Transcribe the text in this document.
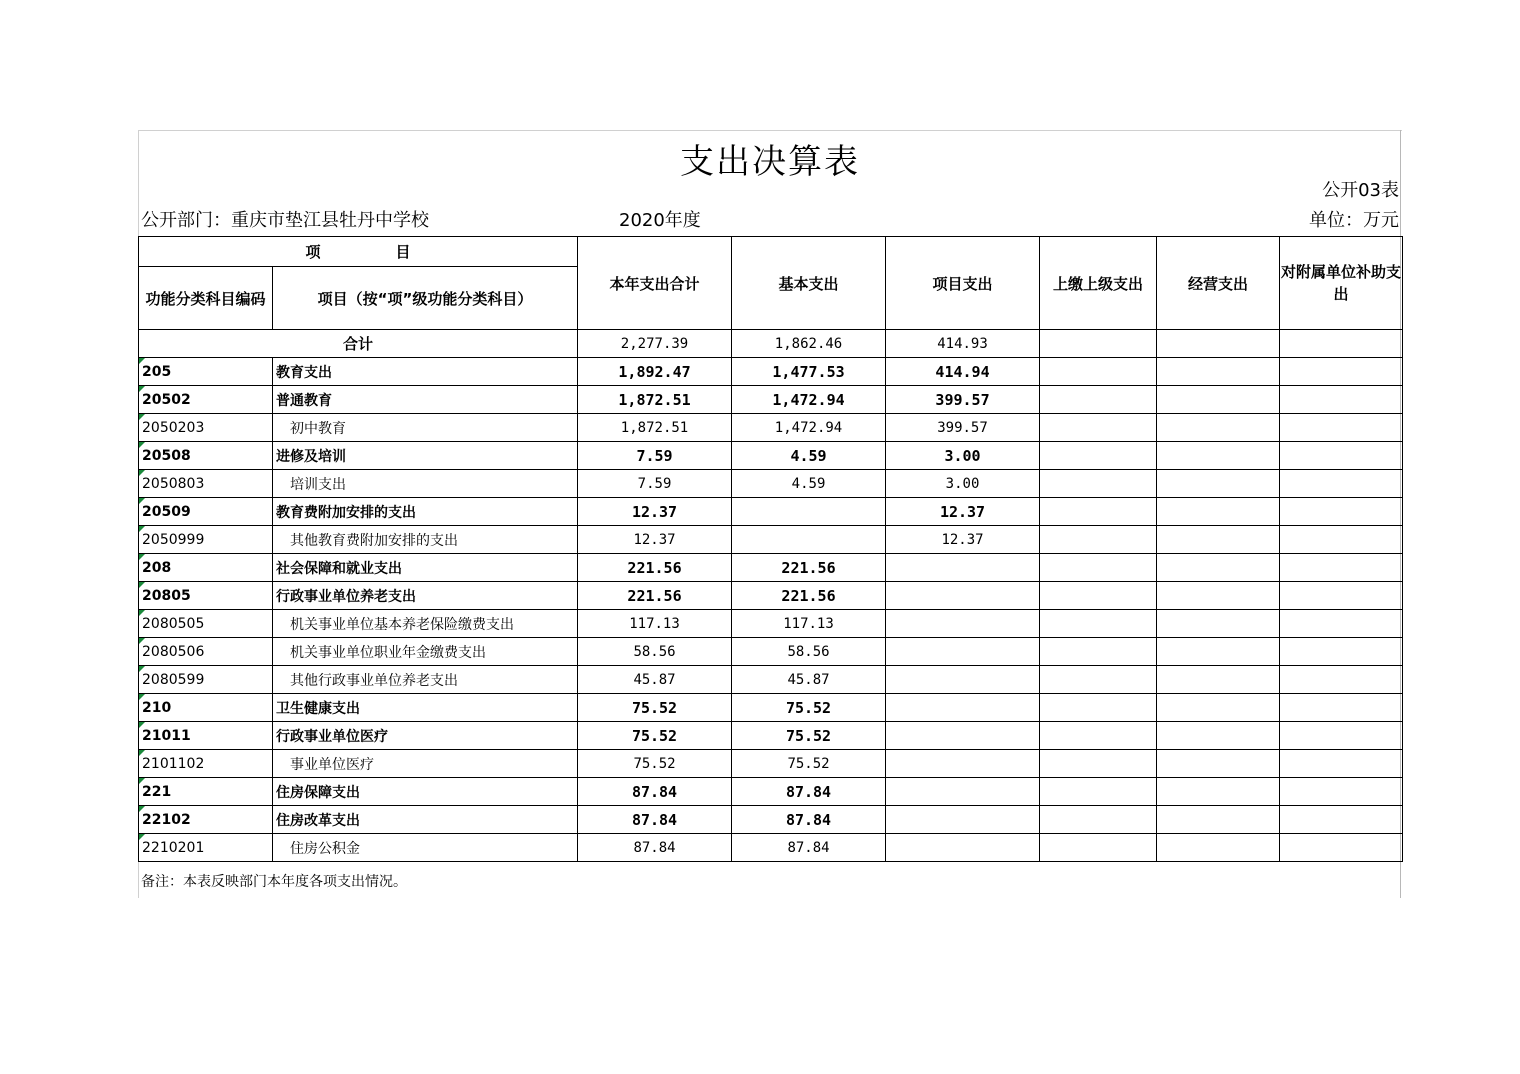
支出决算表
公开03表
公开部门：重庆市垫江县牡丹中学校	2020年度	单位：万元
项　　　　　目		本年支出合计	基本支出	项目支出	上缴上级支出	经营支出	对附属单位补助支出
功能分类科目编码	项目（按“项”级功能分类科目）						
合计		2,277.39	1,862.46	414.93			
205	教育支出	1,892.47	1,477.53	414.94			
20502	普通教育	1,872.51	1,472.94	399.57			
2050203	初中教育	1,872.51	1,472.94	399.57			
20508	进修及培训	7.59	4.59	3.00			
2050803	培训支出	7.59	4.59	3.00			
20509	教育费附加安排的支出	12.37		12.37			
2050999	其他教育费附加安排的支出	12.37		12.37			
208	社会保障和就业支出	221.56	221.56				
20805	行政事业单位养老支出	221.56	221.56				
2080505	机关事业单位基本养老保险缴费支出	117.13	117.13				
2080506	机关事业单位职业年金缴费支出	58.56	58.56				
2080599	其他行政事业单位养老支出	45.87	45.87				
210	卫生健康支出	75.52	75.52				
21011	行政事业单位医疗	75.52	75.52				
2101102	事业单位医疗	75.52	75.52				
221	住房保障支出	87.84	87.84				
22102	住房改革支出	87.84	87.84				
2210201	住房公积金	87.84	87.84				
备注：本表反映部门本年度各项支出情况。
